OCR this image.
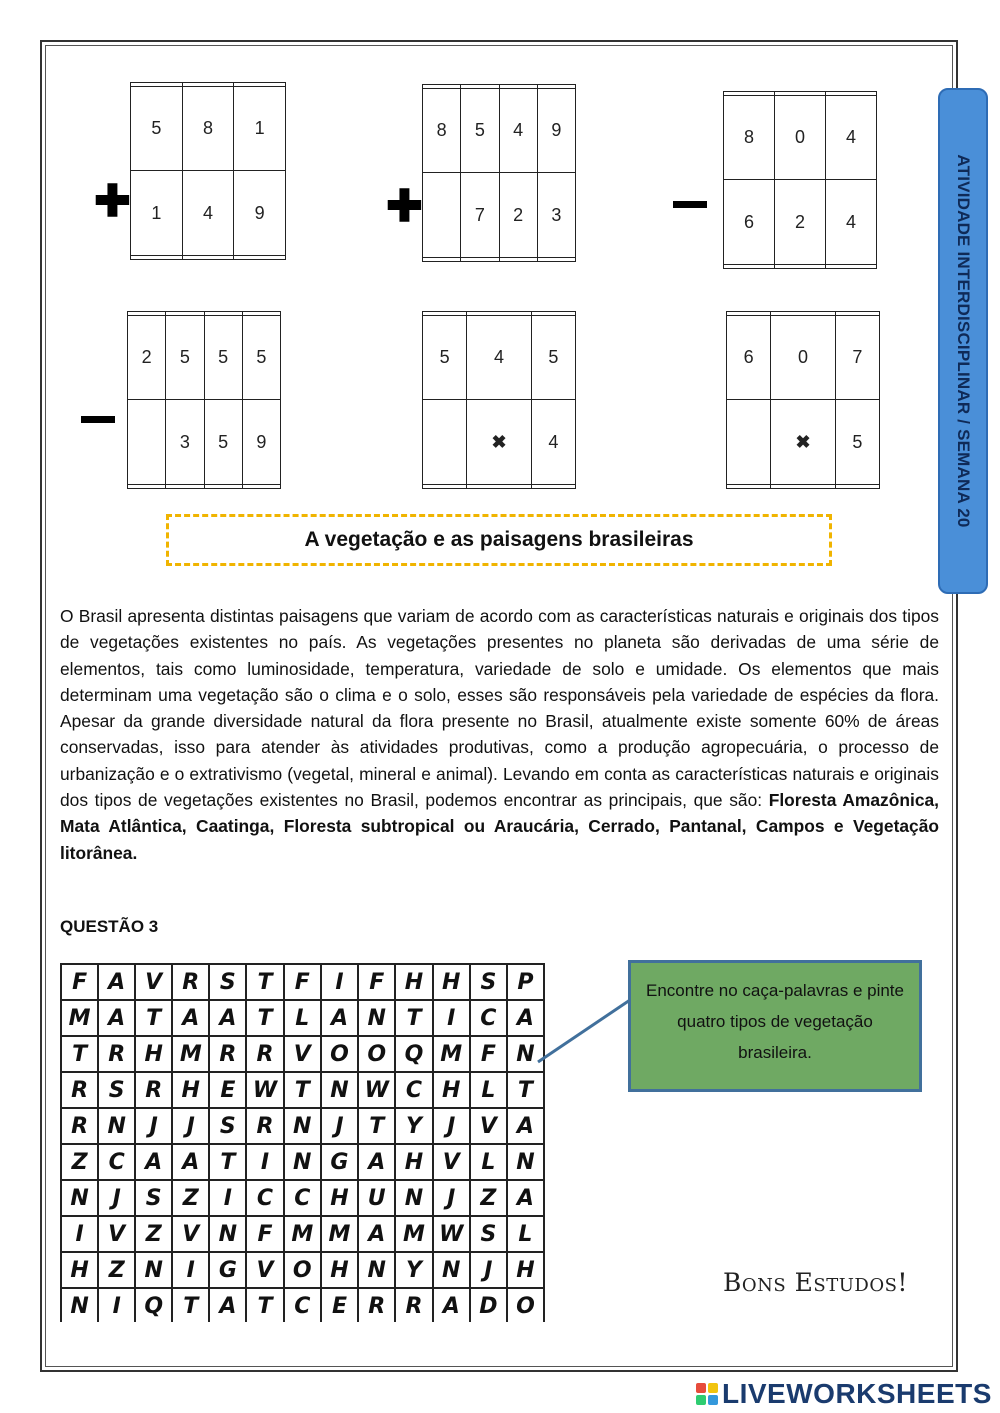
5	8	1
1	4	9

✚

8	5	4	9
	7	2	3

✚

8	0	4
6	2	4

2	5	5	5
	3	5	9

5	4	5
	✖	4

6	0	7
	✖	5
			ATIVIDADE INTERDISCIPLINAR / SEMANA 20
A vegetação e as paisagens brasileiras
O Brasil apresenta distintas paisagens que variam de acordo com as características naturais e originais dos tipos de vegetações existentes no país. As vegetações presentes no planeta são derivadas de uma série de elementos, tais como luminosidade, temperatura, variedade de solo e umidade. Os elementos que mais determinam uma vegetação são o clima e o solo, esses são responsáveis pela variedade de espécies da flora. Apesar da grande diversidade natural da flora presente no Brasil, atualmente existe somente 60% de áreas conservadas, isso para atender às atividades produtivas, como a produção agropecuária, o processo de urbanização e o extrativismo (vegetal, mineral e animal). Levando em conta as características naturais e originais dos tipos de vegetações existentes no Brasil, podemos encontrar as principais, que são: Floresta Amazônica, Mata Atlântica, Caatinga, Floresta subtropical ou Araucária, Cerrado, Pantanal, Campos e Vegetação litorânea.
QUESTÃO 3
F	A	V	R	S	T	F	I	F	H	H	S	P
M	A	T	A	A	T	L	A	N	T	I	C	A
T	R	H	M	R	R	V	O	O	Q	M	F	N
R	S	R	H	E	W	T	N	W	C	H	L	T
R	N	J	J	S	R	N	J	T	Y	J	V	A
Z	C	A	A	T	I	N	G	A	H	V	L	N
N	J	S	Z	I	C	C	H	U	N	J	Z	A
I	V	Z	V	N	F	M	M	A	M	W	S	L
H	Z	N	I	G	V	O	H	N	Y	N	J	H
N	I	Q	T	A	T	C	E	R	R	A	D	O
Encontre no caça-palavras e pinte quatro tipos de vegetação brasileira.
Bons Estudos!
LIVEWORKSHEETS
